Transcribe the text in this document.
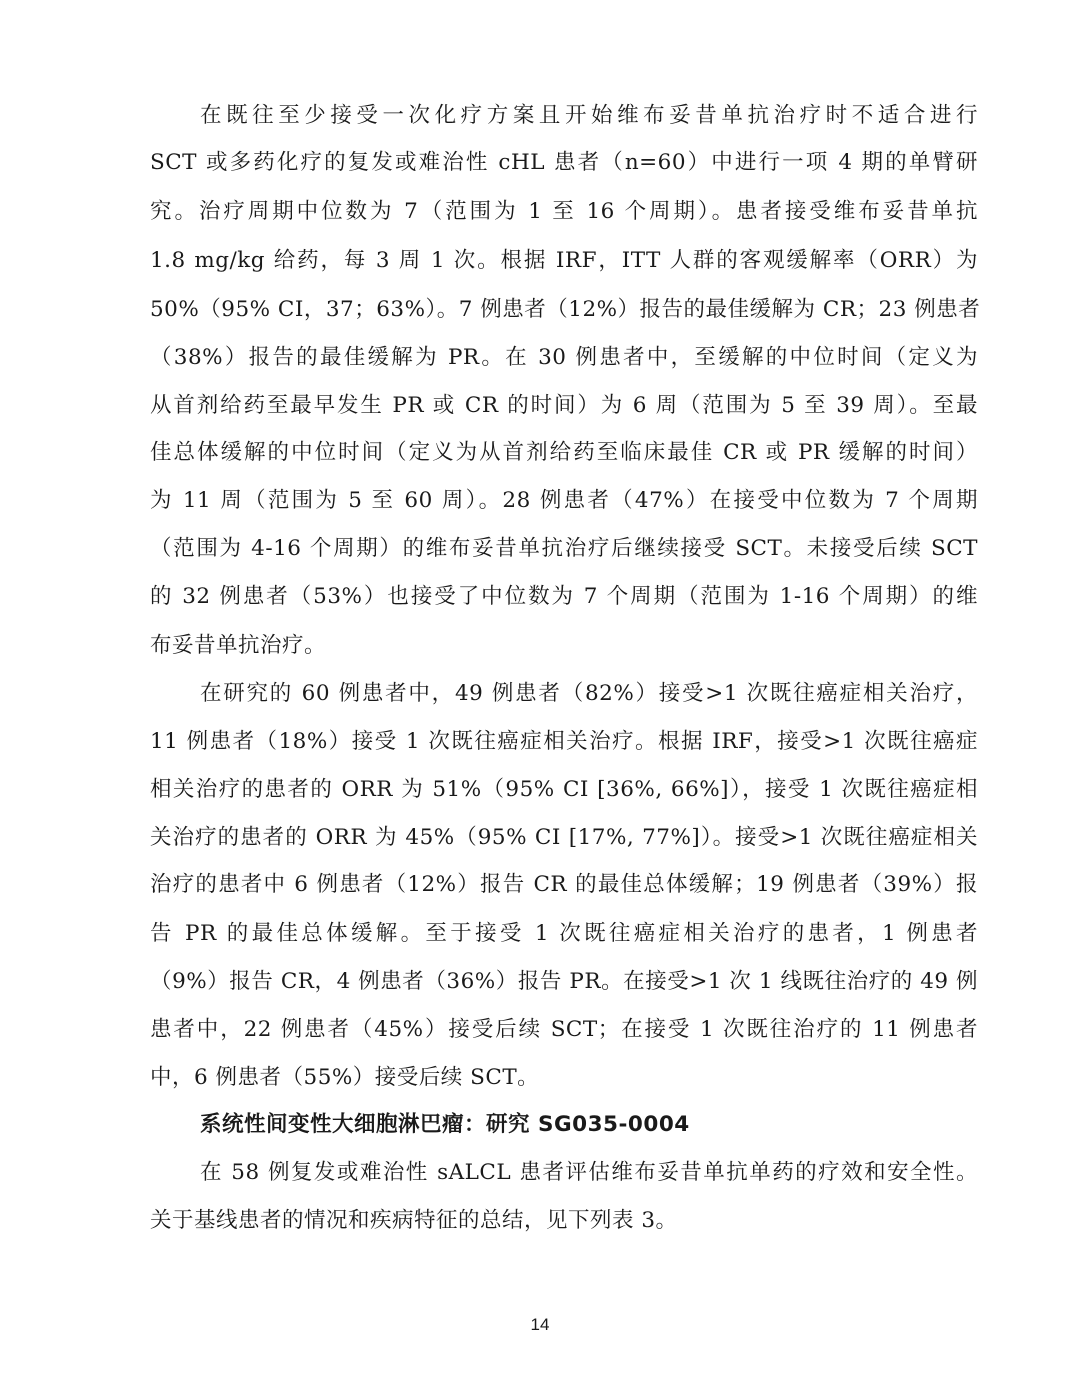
在既往至少接受一次化疗方案且开始维布妥昔单抗治疗时不适合进行
SCT 或多药化疗的复发或难治性 cHL 患者（n=60）中进行一项 4 期的单臂研
究。治疗周期中位数为 7（范围为 1 至 16 个周期）。患者接受维布妥昔单抗
1.8 mg/kg 给药，每 3 周 1 次。根据 IRF，ITT 人群的客观缓解率（ORR）为
50%（95% CI，37；63%）。7 例患者（12%）报告的最佳缓解为 CR；23 例患者
（38%）报告的最佳缓解为 PR。在 30 例患者中，至缓解的中位时间（定义为
从首剂给药至最早发生 PR 或 CR 的时间）为 6 周（范围为 5 至 39 周）。至最
佳总体缓解的中位时间（定义为从首剂给药至临床最佳 CR 或 PR 缓解的时间）
为 11 周（范围为 5 至 60 周）。28 例患者（47%）在接受中位数为 7 个周期
（范围为 4-16 个周期）的维布妥昔单抗治疗后继续接受 SCT。未接受后续 SCT
的 32 例患者（53%）也接受了中位数为 7 个周期（范围为 1-16 个周期）的维
布妥昔单抗治疗。
在研究的 60 例患者中，49 例患者（82%）接受>1 次既往癌症相关治疗，
11 例患者（18%）接受 1 次既往癌症相关治疗。根据 IRF，接受>1 次既往癌症
相关治疗的患者的 ORR 为 51%（95% CI [36%, 66%]），接受 1 次既往癌症相
关治疗的患者的 ORR 为 45%（95% CI [17%, 77%]）。接受>1 次既往癌症相关
治疗的患者中 6 例患者（12%）报告 CR 的最佳总体缓解；19 例患者（39%）报
告 PR 的最佳总体缓解。至于接受 1 次既往癌症相关治疗的患者，1 例患者
（9%）报告 CR，4 例患者（36%）报告 PR。在接受>1 次 1 线既往治疗的 49 例
患者中，22 例患者（45%）接受后续 SCT；在接受 1 次既往治疗的 11 例患者
中，6 例患者（55%）接受后续 SCT。
系统性间变性大细胞淋巴瘤：研究 SG035-0004
在 58 例复发或难治性 sALCL 患者评估维布妥昔单抗单药的疗效和安全性。
关于基线患者的情况和疾病特征的总结，见下列表 3。
14
